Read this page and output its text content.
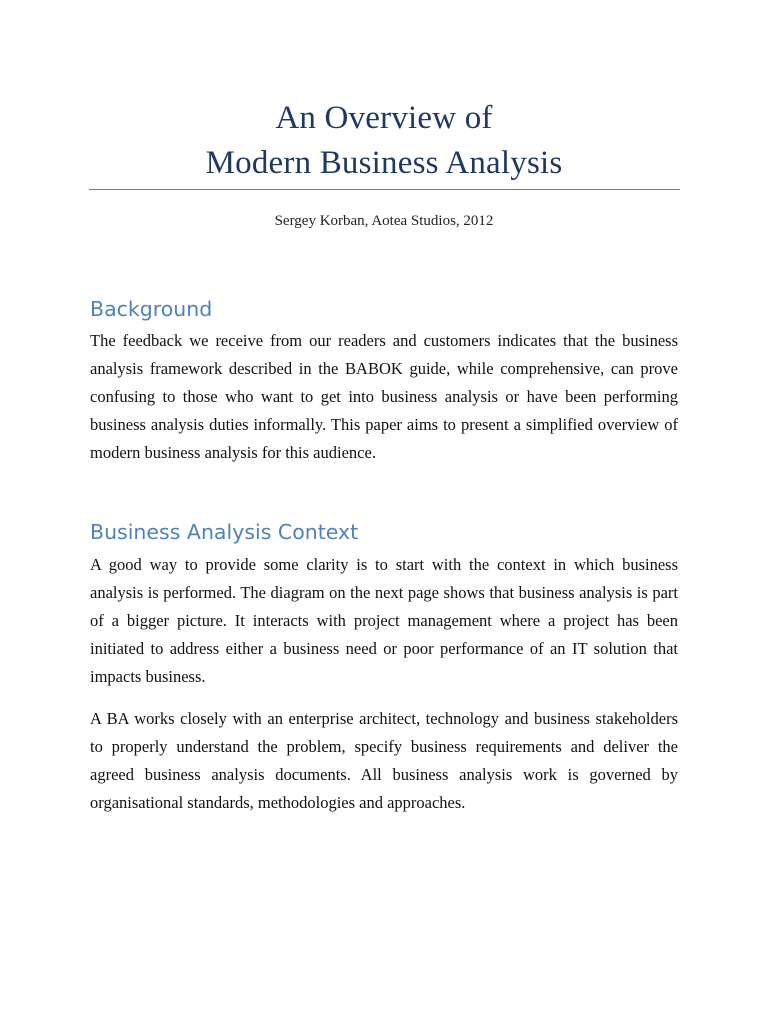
An Overview of
Modern Business Analysis
Sergey Korban, Aotea Studios, 2012
Background

The feedback we receive from our readers and customers indicates that the business analysis framework described in the BABOK guide, while comprehensive, can prove confusing to those who want to get into business analysis or have been performing business analysis duties informally. This paper aims to present a simplified overview of modern business analysis for this audience.

Business Analysis Context

A good way to provide some clarity is to start with the context in which business analysis is performed. The diagram on the next page shows that business analysis is part of a bigger picture. It interacts with project management where a project has been initiated to address either a business need or poor performance of an IT solution that impacts business.

A BA works closely with an enterprise architect, technology and business stakeholders to properly understand the problem, specify business requirements and deliver the agreed business analysis documents. All business analysis work is governed by organisational standards, methodologies and approaches.
